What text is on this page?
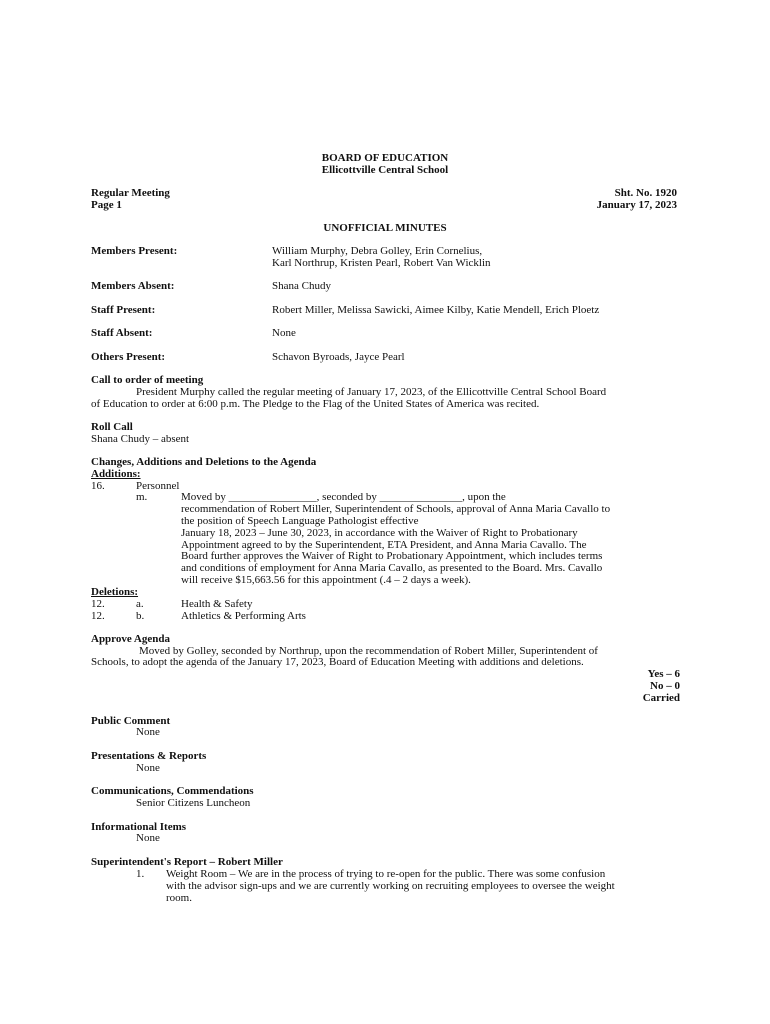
BOARD OF EDUCATION
Ellicottville Central School
Regular Meeting
Page 1
Sht. No. 1920
January 17, 2023
UNOFFICIAL MINUTES
Members Present:	William Murphy, Debra Golley, Erin Cornelius,
Karl Northrup, Kristen Pearl, Robert Van Wicklin
Members Absent:	Shana Chudy
Staff Present:	Robert Miller, Melissa Sawicki, Aimee Kilby, Katie Mendell, Erich Ploetz
Staff Absent:	None
Others Present:	Schavon Byroads, Jayce Pearl
Call to order of meeting
President Murphy called the regular meeting of January 17, 2023, of the Ellicottville Central School Board
of Education to order at 6:00 p.m. The Pledge to the Flag of the United States of America was recited.
Roll Call
Shana Chudy – absent
Changes, Additions and Deletions to the Agenda
Additions:
16.	Personnel
m.	Moved by ________________, seconded by _______________, upon the
recommendation of Robert Miller, Superintendent of Schools, approval of Anna Maria Cavallo to
the position of Speech Language Pathologist effective
January 18, 2023 – June 30, 2023, in accordance with the Waiver of Right to Probationary
Appointment agreed to by the Superintendent, ETA President, and Anna Maria Cavallo. The
Board further approves the Waiver of Right to Probationary Appointment, which includes terms
and conditions of employment for Anna Maria Cavallo, as presented to the Board. Mrs. Cavallo
will receive $15,663.56 for this appointment (.4 – 2 days a week).
Deletions:
12.	a.	Health & Safety
12.	b.	Athletics & Performing Arts
Approve Agenda
Moved by Golley, seconded by Northrup, upon the recommendation of Robert Miller, Superintendent of
Schools, to adopt the agenda of the January 17, 2023, Board of Education Meeting with additions and deletions.
Yes – 6
No – 0
Carried
Public Comment
None
Presentations & Reports
None
Communications, Commendations
Senior Citizens Luncheon
Informational Items
None
Superintendent's Report – Robert Miller
1. Weight Room – We are in the process of trying to re-open for the public. There was some confusion
with the advisor sign-ups and we are currently working on recruiting employees to oversee the weight
room.
